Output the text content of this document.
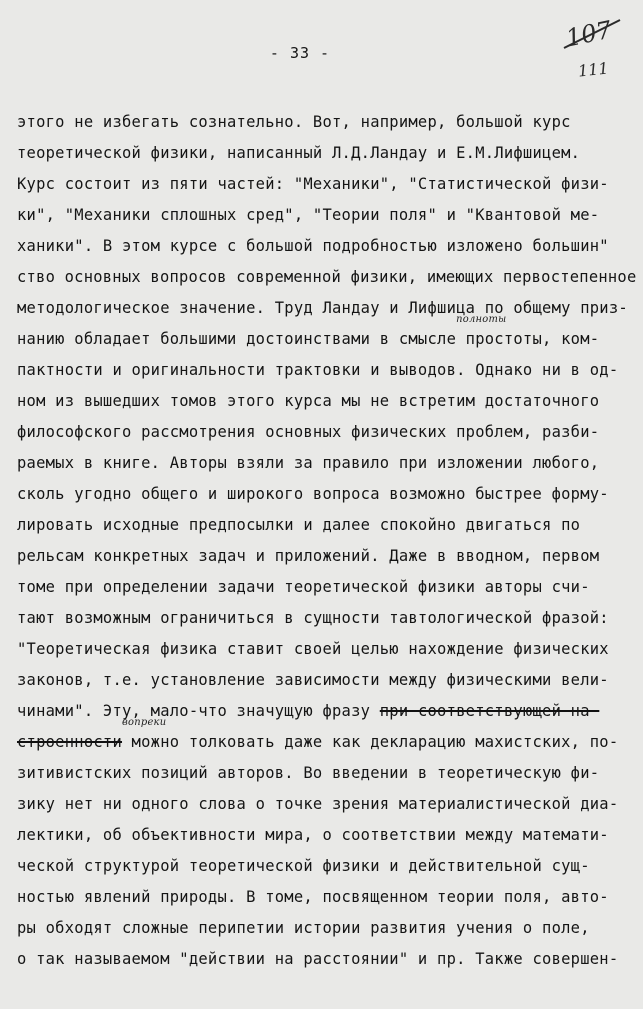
107
111
- 33 -
этого не избегать сознательно. Вот, например, большой курс
теоретической физики, написанный Л.Д.Ландау и Е.М.Лифшицем.
Курс состоит из пяти частей: "Механики", "Статистической физи-
ки", "Механики сплошных сред", "Теории поля" и "Квантовой ме-
ханики". В этом курсе с большой подробностью изложено большин"
ство основных вопросов современной физики, имеющих первостепенное
методологическое значение. Труд Ландау и Лифшица по общему приз-
нанию обладает большими достоинствами в смысле
полноты
простоты, ком-
пактности и оригинальности трактовки и выводов. Однако ни в од-
ном из вышедших томов этого курса мы не встретим достаточного
философского рассмотрения основных физических проблем, разби-
раемых в книге. Авторы взяли за правило при изложении любого,
сколь угодно общего и широкого вопроса возможно быстрее форму-
лировать исходные предпосылки и далее спокойно двигаться по
рельсам конкретных задач и приложений. Даже в вводном, первом
томе при определении задачи теоретической физики авторы счи-
тают возможным ограничиться в сущности тавтологической фразой:
"Теоретическая физика ставит своей целью нахождение физических
законов, т.е. установление зависимости между физическими вели-
чинами". Эту, мало-что значущую фразу при соответствующей на-
строенности
вопреки
можно толковать даже как декларацию махистских, по-
зитивистских позиций авторов. Во введении в теоретическую фи-
зику нет ни одного слова о точке зрения материалистической диа-
лектики, об объективности мира, о соответствии между математи-
ческой структурой теоретической физики и действительной сущ-
ностью явлений природы. В томе, посвященном теории поля, авто-
ры обходят сложные перипетии истории развития учения о поле,
о так называемом "действии на расстоянии" и пр. Также совершен-
